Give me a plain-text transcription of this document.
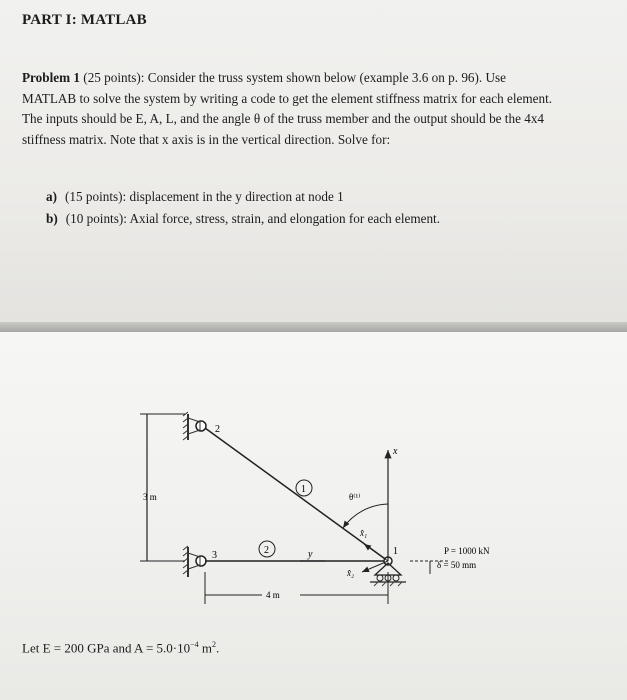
PART I: MATLAB
Problem 1 (25 points): Consider the truss system shown below (example 3.6 on p. 96). Use
MATLAB to solve the system by writing a code to get the element stiffness matrix for each element.
The inputs should be E, A, L, and the angle θ of the truss member and the output should be the 4x4
stiffness matrix. Note that x axis is in the vertical direction. Solve for:
a) (15 points): displacement in the y direction at node 1
b) (10 points): Axial force, stress, strain, and elongation for each element.
2
3	1
1
2
θ⁽¹⁾
3 m
4 m
x
y
x̂₁
x̂₂
P = 1000 kN
δ = 50 mm
Let E = 200 GPa and $A = 5.0\cdot 10^{-4}$ $m^2$.
